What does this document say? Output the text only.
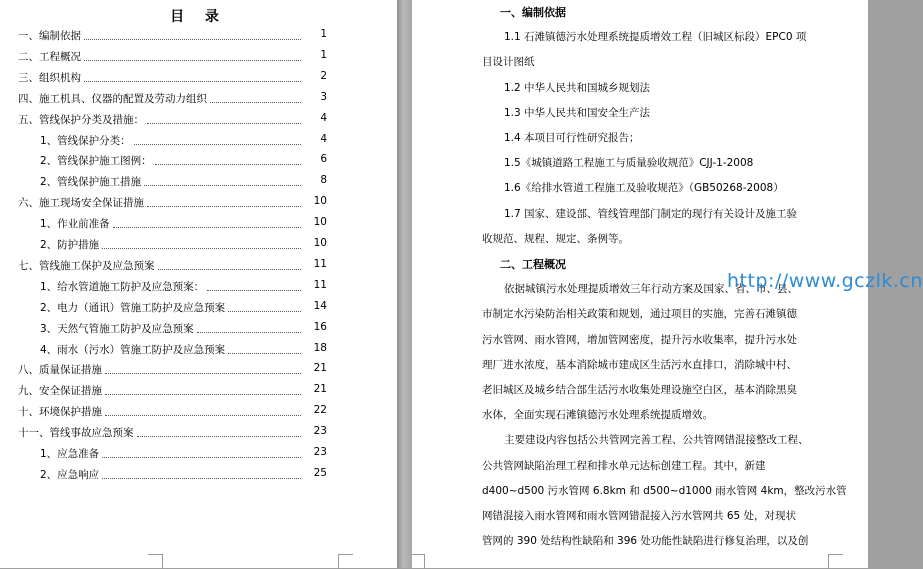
目 录
一、编制依据	1
二、工程概况	1
三、组织机构	2
四、施工机具、仪器的配置及劳动力组织	3
五、管线保护分类及措施：	4
1、管线保护分类：	4
2、管线保护施工图例：	6
2、管线保护施工措施	8
六、施工现场安全保证措施	10
1、作业前准备	10
2、防护措施	10
七、管线施工保护及应急预案	11
1、给水管道施工防护及应急预案：	11
2、电力（通讯）管施工防护及应急预案	14
3、天然气管施工防护及应急预案	16
4、雨水（污水）管施工防护及应急预案	18
八、质量保证措施	21
九、安全保证措施	21
十、环境保护措施	22
十一、管线事故应急预案	23
1、应急准备	23
2、应急响应	25
一、编制依据
1.1 石滩镇德污水处理系统提质增效工程（旧城区标段）EPC0 项
目设计图纸
1.2 中华人民共和国城乡规划法
1.3 中华人民共和国安全生产法
1.4 本项目可行性研究报告；
1.5《城镇道路工程施工与质量验收规范》CJJ-1-2008
1.6《给排水管道工程施工及验收规范》（GB50268-2008）
1.7 国家、建设部、管线管理部门制定的现行有关设计及施工验
收规范、规程、规定、条例等。
二、工程概况
依据城镇污水处理提质增效三年行动方案及国家、省、市、县、
市制定水污染防治相关政策和规划，通过项目的实施，完善石滩镇德
污水管网、雨水管网，增加管网密度，提升污水收集率，提升污水处
理厂进水浓度，基本消除城市建成区生活污水直排口，消除城中村、
老旧城区及城乡结合部生活污水收集处理设施空白区，基本消除黑臭
水体，全面实现石滩镇德污水处理系统提质增效。
主要建设内容包括公共管网完善工程、公共管网错混接整改工程、
公共管网缺陷治理工程和排水单元达标创建工程。其中，新建
d400~d500 污水管网 6.8km 和 d500~d1000 雨水管网 4km，整改污水管
网错混接入雨水管网和雨水管网错混接入污水管网共 65 处，对现状
管网的 390 处结构性缺陷和 396 处功能性缺陷进行修复治理，以及创
http://www.gczlk.cn
